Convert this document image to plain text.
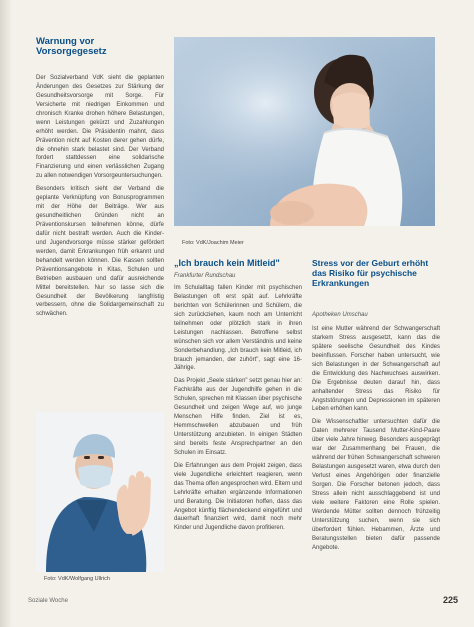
Warnung vor
Vorsorgegesetz

Der Sozialverband VdK sieht die geplanten Änderungen des Gesetzes zur Stärkung der Gesundheitsvorsorge mit Sorge. Für Versicherte mit niedrigen Einkommen und chronisch Kranke drohen höhere Belastungen, wenn Leistungen gekürzt und Zuzahlungen erhöht werden. Die Präsidentin mahnt, dass Prävention nicht auf Kosten derer gehen dürfe, die ohnehin stark belastet sind. Der Verband fordert stattdessen eine solidarische Finanzierung und einen verlässlichen Zugang zu allen notwendigen Vorsorgeuntersuchungen.

Besonders kritisch sieht der Verband die geplante Verknüpfung von Bonusprogrammen mit der Höhe der Beiträge. Wer aus gesundheitlichen Gründen nicht an Präventionskursen teilnehmen könne, dürfe dafür nicht bestraft werden. Auch die Kinder- und Jugendvorsorge müsse stärker gefördert werden, damit Erkrankungen früh erkannt und behandelt werden können. Die Kassen sollten Präventionsangebote in Kitas, Schulen und Betrieben ausbauen und dafür ausreichende Mittel bereitstellen. Nur so lasse sich die Gesundheit der Bevölkerung langfristig verbessern, ohne die Solidargemeinschaft zu schwächen.

Foto: VdK/Joachim Meier
„Ich brauch kein Mitleid"
Frankfurter Rundschau

Im Schulalltag fallen Kinder mit psychischen Belastungen oft erst spät auf. Lehrkräfte berichten von Schülerinnen und Schülern, die sich zurückziehen, kaum noch am Unterricht teilnehmen oder plötzlich stark in ihren Leistungen nachlassen. Betroffene selbst wünschen sich vor allem Verständnis und keine Sonderbehandlung. „Ich brauch kein Mitleid, ich brauch jemanden, der zuhört", sagt eine 16-Jährige.

Das Projekt „Seele stärken" setzt genau hier an: Fachkräfte aus der Jugendhilfe gehen in die Schulen, sprechen mit Klassen über psychische Gesundheit und zeigen Wege auf, wo junge Menschen Hilfe finden. Ziel ist es, Hemmschwellen abzubauen und früh Unterstützung anzubieten. In einigen Städten sind bereits feste Ansprechpartner an den Schulen im Einsatz.

Die Erfahrungen aus dem Projekt zeigen, dass viele Jugendliche erleichtert reagieren, wenn das Thema offen angesprochen wird. Eltern und Lehrkräfte erhalten ergänzende Informationen und Beratung. Die Initiatoren hoffen, dass das Angebot künftig flächendeckend eingeführt und dauerhaft finanziert wird, damit noch mehr Kinder und Jugendliche davon profitieren.

Stress vor der Geburt erhöht das Risiko für psychische Erkrankungen
Apotheken Umschau

Ist eine Mutter während der Schwangerschaft starkem Stress ausgesetzt, kann das die spätere seelische Gesundheit des Kindes beeinflussen. Forscher haben untersucht, wie sich Belastungen in der Schwangerschaft auf die Entwicklung des Nachwuchses auswirken. Die Ergebnisse deuten darauf hin, dass anhaltender Stress das Risiko für Angststörungen und Depressionen im späteren Leben erhöhen kann.

Die Wissenschaftler untersuchten dafür die Daten mehrerer Tausend Mutter-Kind-Paare über viele Jahre hinweg. Besonders ausgeprägt war der Zusammenhang bei Frauen, die während der frühen Schwangerschaft schweren Belastungen ausgesetzt waren, etwa durch den Verlust eines Angehörigen oder finanzielle Sorgen. Die Forscher betonen jedoch, dass Stress allein nicht ausschlaggebend ist und viele weitere Faktoren eine Rolle spielen. Werdende Mütter sollten dennoch frühzeitig Unterstützung suchen, wenn sie sich überfordert fühlen. Hebammen, Ärzte und Beratungsstellen bieten dafür passende Angebote.

Foto: VdK/Wolfgang Ullrich
Soziale Woche	225
